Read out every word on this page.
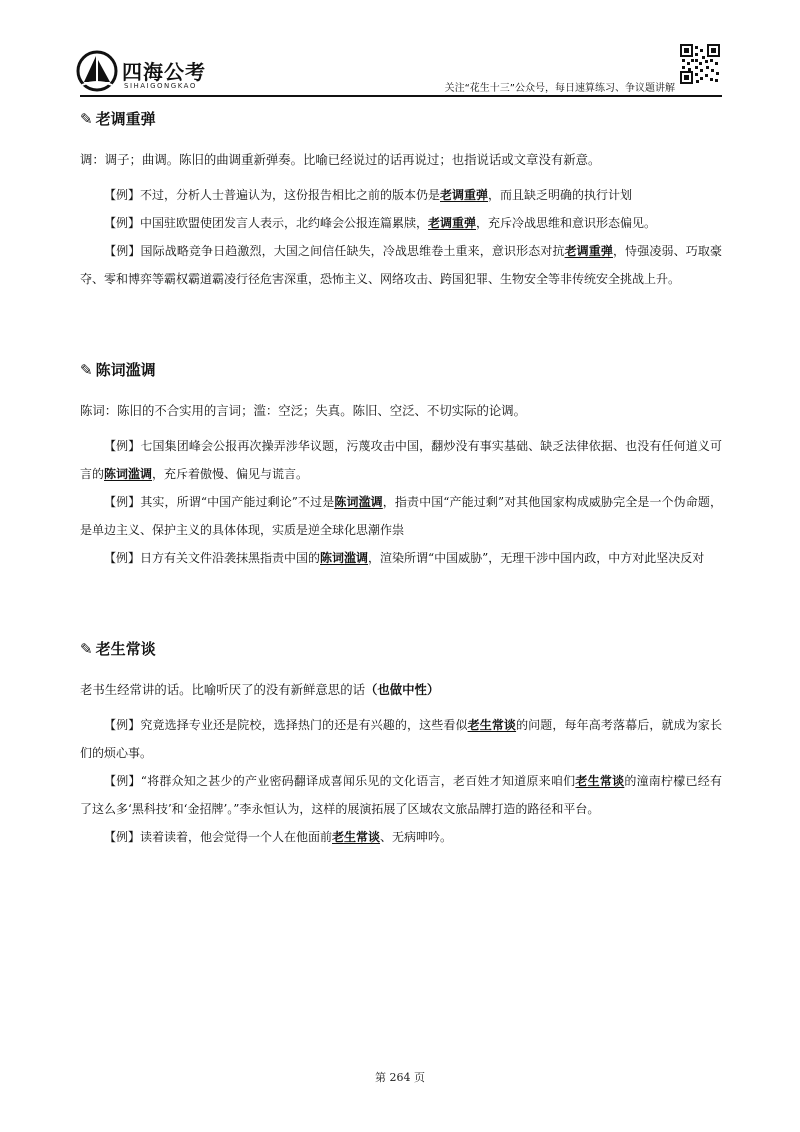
四海公考
SIHAIGONGKAO	关注“花生十三”公众号，每日速算练习、争议题讲解
✎ 老调重弹

调：调子；曲调。陈旧的曲调重新弹奏。比喻已经说过的话再说过；也指说话或文章没有新意。

【例】不过，分析人士普遍认为，这份报告相比之前的版本仍是老调重弹，而且缺乏明确的执行计划

【例】中国驻欧盟使团发言人表示，北约峰会公报连篇累牍，老调重弹，充斥冷战思维和意识形态偏见。

【例】国际战略竞争日趋激烈，大国之间信任缺失，冷战思维卷土重来，意识形态对抗老调重弹，恃强凌弱、巧取豪夺、零和博弈等霸权霸道霸凌行径危害深重，恐怖主义、网络攻击、跨国犯罪、生物安全等非传统安全挑战上升。

✎ 陈词滥调

陈词：陈旧的不合实用的言词；滥：空泛；失真。陈旧、空泛、不切实际的论调。

【例】七国集团峰会公报再次操弄涉华议题，污蔑攻击中国，翻炒没有事实基础、缺乏法律依据、也没有任何道义可言的陈词滥调，充斥着傲慢、偏见与谎言。

【例】其实，所谓“中国产能过剩论”不过是陈词滥调，指责中国“产能过剩”对其他国家构成威胁完全是一个伪命题，是单边主义、保护主义的具体体现，实质是逆全球化思潮作祟

【例】日方有关文件沿袭抹黑指责中国的陈词滥调，渲染所谓“中国威胁”，无理干涉中国内政，中方对此坚决反对

✎ 老生常谈

老书生经常讲的话。比喻听厌了的没有新鲜意思的话（也做中性）

【例】究竟选择专业还是院校，选择热门的还是有兴趣的，这些看似老生常谈的问题，每年高考落幕后，就成为家长们的烦心事。

【例】“将群众知之甚少的产业密码翻译成喜闻乐见的文化语言，老百姓才知道原来咱们老生常谈的潼南柠檬已经有了这么多‘黑科技’和‘金招牌’。”李永恒认为，这样的展演拓展了区域农文旅品牌打造的路径和平台。

【例】读着读着，他会觉得一个人在他面前老生常谈、无病呻吟。

第 264 页
